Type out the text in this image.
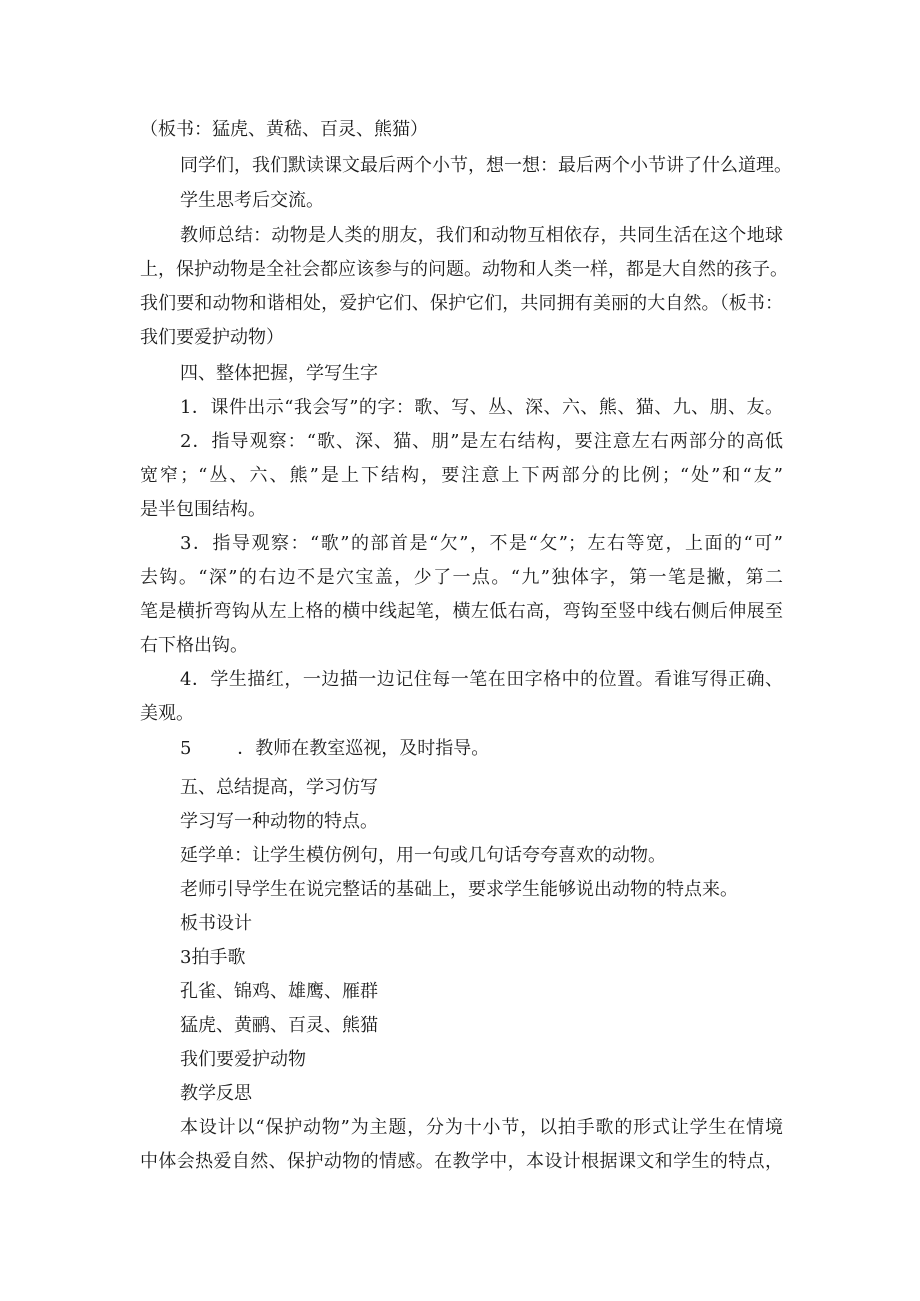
（板书：猛虎、黄嵇、百灵、熊猫）
同学们，我们默读课文最后两个小节，想一想：最后两个小节讲了什么道理。
学生思考后交流。
教师总结：动物是人类的朋友，我们和动物互相依存，共同生活在这个地球
上，保护动物是全社会都应该参与的问题。动物和人类一样，都是大自然的孩子。
我们要和动物和谐相处，爱护它们、保护它们，共同拥有美丽的大自然。（板书：
我们要爱护动物）
四、整体把握，学写生字
1．课件出示“我会写”的字：歌、写、丛、深、六、熊、猫、九、朋、友。
2．指导观察：“歌、深、猫、朋”是左右结构，要注意左右两部分的高低
宽窄；“丛、六、熊”是上下结构，要注意上下两部分的比例；“处”和“友”
是半包围结构。
3．指导观察：“歌”的部首是“欠”，不是“攵”；左右等宽，上面的“可”
去钩。“深”的右边不是穴宝盖，少了一点。“九”独体字，第一笔是撇，第二
笔是横折弯钩从左上格的横中线起笔，横左低右高，弯钩至竖中线右侧后伸展至
右下格出钩。
4．学生描红，一边描一边记住每一笔在田字格中的位置。看谁写得正确、
美观。
5        ．教师在教室巡视，及时指导。
五、总结提高，学习仿写
学习写一种动物的特点。
延学单：让学生模仿例句，用一句或几句话夸夸喜欢的动物。
老师引导学生在说完整话的基础上，要求学生能够说出动物的特点来。
板书设计
3拍手歌
孔雀、锦鸡、雄鹰、雁群
猛虎、黄鹂、百灵、熊猫
我们要爱护动物
教学反思
本设计以“保护动物”为主题，分为十小节，以拍手歌的形式让学生在情境
中体会热爱自然、保护动物的情感。在教学中，本设计根据课文和学生的特点，
